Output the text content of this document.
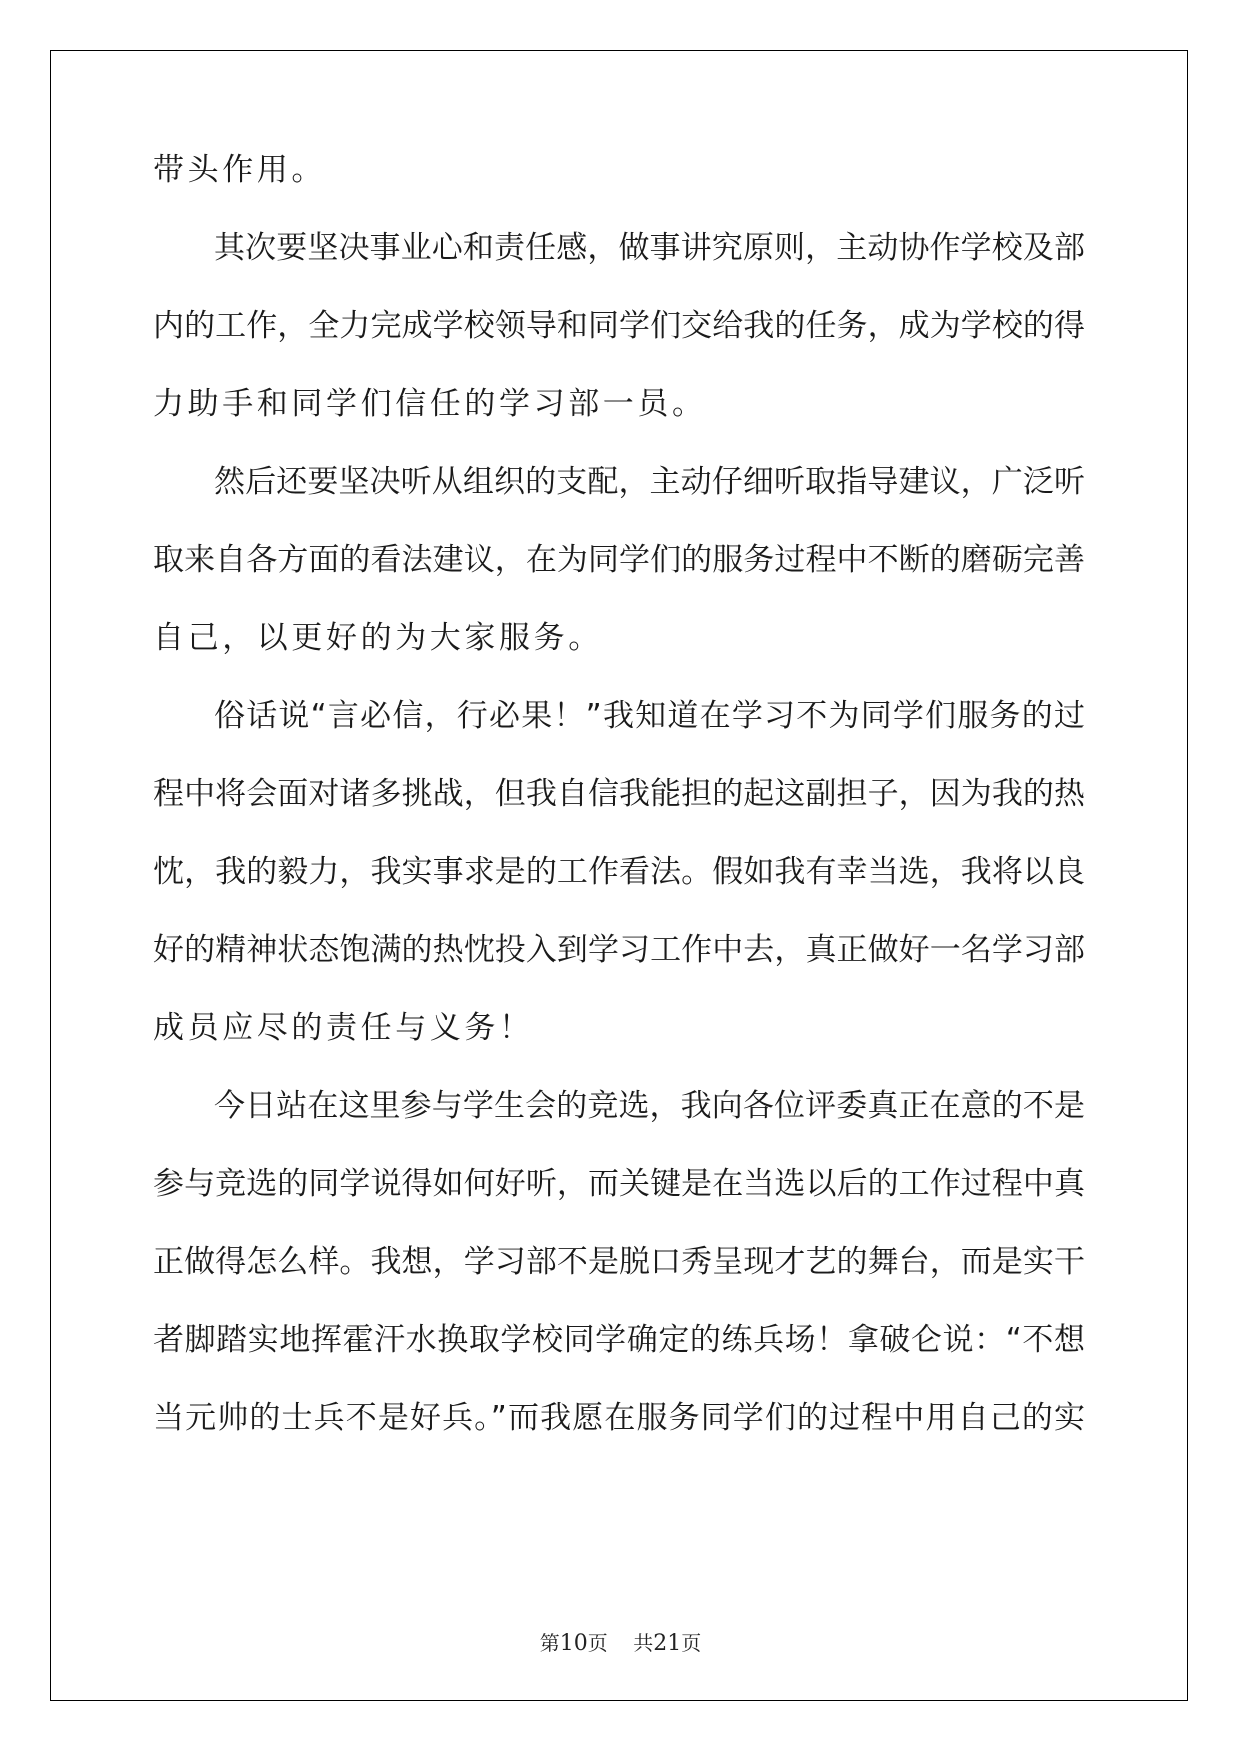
带头作用。
其次要坚决事业心和责任感，做事讲究原则，主动协作学校及部
内的工作，全力完成学校领导和同学们交给我的任务，成为学校的得
力助手和同学们信任的学习部一员。
然后还要坚决听从组织的支配，主动仔细听取指导建议，广泛听
取来自各方面的看法建议，在为同学们的服务过程中不断的磨砺完善
自己，以更好的为大家服务。
俗话说“言必信，行必果！”我知道在学习不为同学们服务的过
程中将会面对诸多挑战，但我自信我能担的起这副担子，因为我的热
忱，我的毅力，我实事求是的工作看法。假如我有幸当选，我将以良
好的精神状态饱满的热忱投入到学习工作中去，真正做好一名学习部
成员应尽的责任与义务！
今日站在这里参与学生会的竞选，我向各位评委真正在意的不是
参与竞选的同学说得如何好听，而关键是在当选以后的工作过程中真
正做得怎么样。我想，学习部不是脱口秀呈现才艺的舞台，而是实干
者脚踏实地挥霍汗水换取学校同学确定的练兵场！拿破仑说：“不想
当元帅的士兵不是好兵。”而我愿在服务同学们的过程中用自己的实
第10页 共21页
